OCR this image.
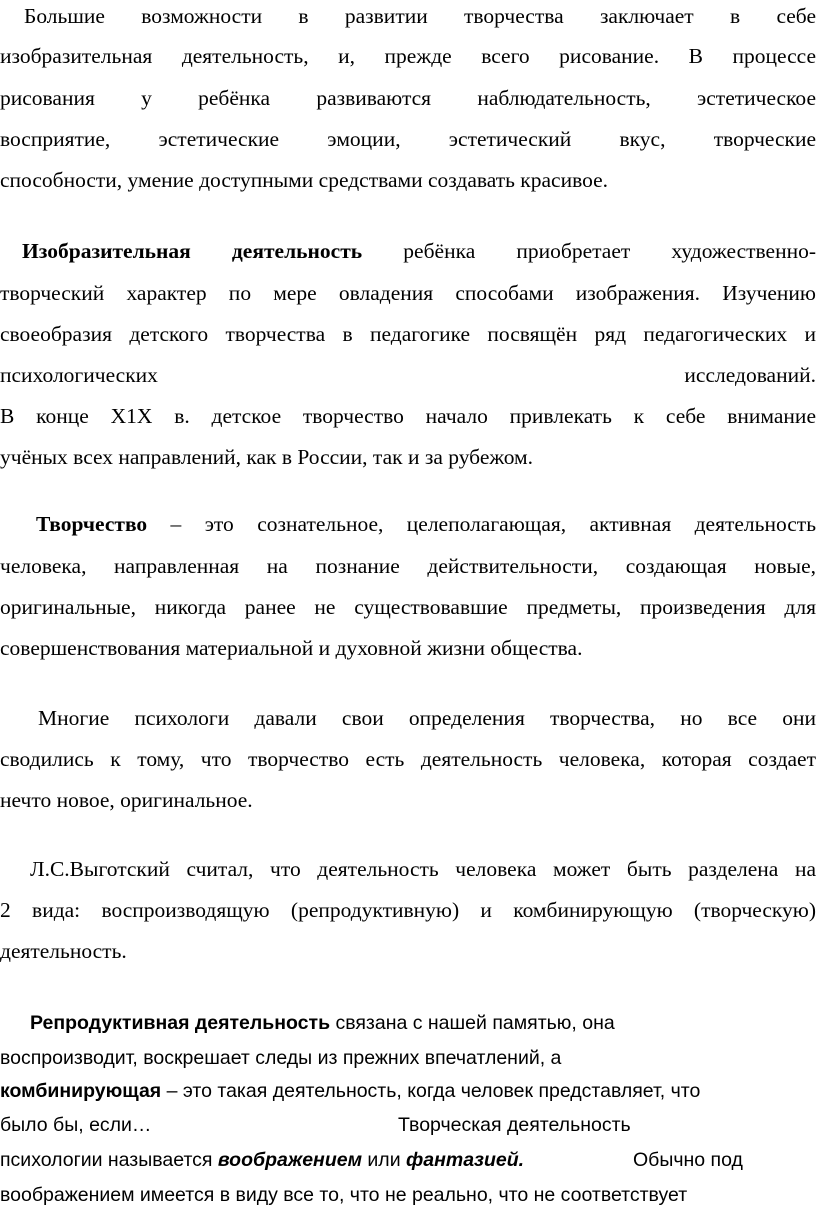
Большие возможности в развитии творчества заключает в себе
изобразительная деятельность, и, прежде всего рисование. В процессе
рисования у ребёнка развиваются наблюдательность, эстетическое
восприятие, эстетические эмоции, эстетический вкус, творческие
способности, умение доступными средствами создавать красивое.
Изобразительная деятельность ребёнка приобретает художественно-
творческий характер по мере овладения способами изображения. Изучению
своеобразия детского творчества в педагогике посвящён ряд педагогических и
психологических	исследований.
В конце Х1Х в. детское творчество начало привлекать к себе внимание
учёных всех направлений, как в России, так и за рубежом.
Творчество – это сознательное, целеполагающая, активная деятельность
человека, направленная на познание действительности, создающая новые,
оригинальные, никогда ранее не существовавшие предметы, произведения для
совершенствования материальной и духовной жизни общества.
Многие психологи давали свои определения творчества, но все они
сводились к тому, что творчество есть деятельность человека, которая создает
нечто новое, оригинальное.
Л.С.Выготский считал, что деятельность человека может быть разделена на
2 вида: воспроизводящую (репродуктивную) и комбинирующую (творческую)
деятельность.
Репродуктивная деятельность связана с нашей памятью, она
воспроизводит, воскрешает следы из прежних впечатлений, а
комбинирующая – это такая деятельность, когда человек представляет, что
было бы, если…	Творческая деятельность
психологии называется воображением или фантазией.	Обычно под
воображением имеется в виду все то, что не реально, что не соответствует
